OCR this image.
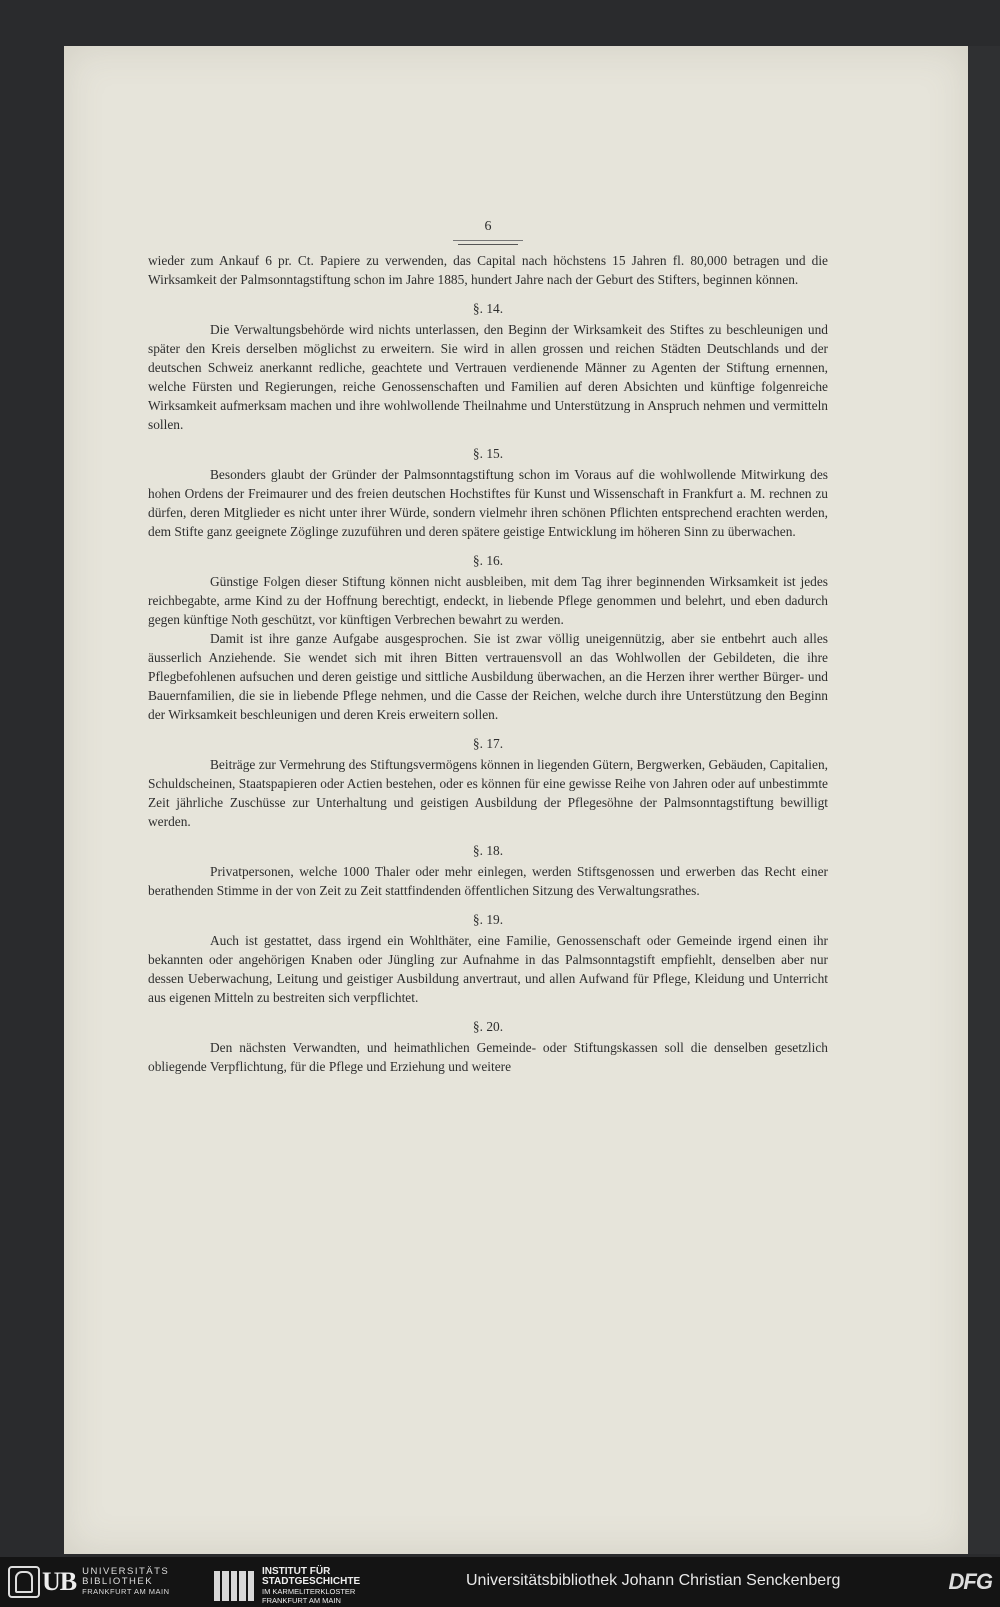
6

wieder zum Ankauf 6 pr. Ct. Papiere zu verwenden, das Capital nach höchstens 15 Jahren fl. 80,000 betragen und die Wirksamkeit der Palmsonntagstiftung schon im Jahre 1885, hundert Jahre nach der Geburt des Stifters, beginnen können.

§. 14.

Die Verwaltungsbehörde wird nichts unterlassen, den Beginn der Wirksamkeit des Stiftes zu beschleunigen und später den Kreis derselben möglichst zu erweitern. Sie wird in allen grossen und reichen Städten Deutschlands und der deutschen Schweiz anerkannt redliche, geachtete und Vertrauen verdienende Männer zu Agenten der Stiftung ernennen, welche Fürsten und Regierungen, reiche Genossenschaften und Familien auf deren Absichten und künftige folgenreiche Wirksamkeit aufmerksam machen und ihre wohlwollende Theilnahme und Unterstützung in Anspruch nehmen und vermitteln sollen.

§. 15.

Besonders glaubt der Gründer der Palmsonntagstiftung schon im Voraus auf die wohlwollende Mitwirkung des hohen Ordens der Freimaurer und des freien deutschen Hochstiftes für Kunst und Wissenschaft in Frankfurt a. M. rechnen zu dürfen, deren Mitglieder es nicht unter ihrer Würde, sondern vielmehr ihren schönen Pflichten entsprechend erachten werden, dem Stifte ganz geeignete Zöglinge zuzuführen und deren spätere geistige Entwicklung im höheren Sinn zu überwachen.

§. 16.

Günstige Folgen dieser Stiftung können nicht ausbleiben, mit dem Tag ihrer beginnenden Wirksamkeit ist jedes reichbegabte, arme Kind zu der Hoffnung berechtigt, endeckt, in liebende Pflege genommen und belehrt, und eben dadurch gegen künftige Noth geschützt, vor künftigen Verbrechen bewahrt zu werden.

Damit ist ihre ganze Aufgabe ausgesprochen. Sie ist zwar völlig uneigennützig, aber sie entbehrt auch alles äusserlich Anziehende. Sie wendet sich mit ihren Bitten vertrauensvoll an das Wohlwollen der Gebildeten, die ihre Pflegbefohlenen aufsuchen und deren geistige und sittliche Ausbildung überwachen, an die Herzen ihrer werther Bürger- und Bauernfamilien, die sie in liebende Pflege nehmen, und die Casse der Reichen, welche durch ihre Unterstützung den Beginn der Wirksamkeit beschleunigen und deren Kreis erweitern sollen.

§. 17.

Beiträge zur Vermehrung des Stiftungsvermögens können in liegenden Gütern, Bergwerken, Gebäuden, Capitalien, Schuldscheinen, Staatspapieren oder Actien bestehen, oder es können für eine gewisse Reihe von Jahren oder auf unbestimmte Zeit jährliche Zuschüsse zur Unterhaltung und geistigen Ausbildung der Pflegesöhne der Palmsonntagstiftung bewilligt werden.

§. 18.

Privatpersonen, welche 1000 Thaler oder mehr einlegen, werden Stiftsgenossen und erwerben das Recht einer berathenden Stimme in der von Zeit zu Zeit stattfindenden öffentlichen Sitzung des Verwaltungsrathes.

§. 19.

Auch ist gestattet, dass irgend ein Wohlthäter, eine Familie, Genossenschaft oder Gemeinde irgend einen ihr bekannten oder angehörigen Knaben oder Jüngling zur Aufnahme in das Palmsonntagstift empfiehlt, denselben aber nur dessen Ueberwachung, Leitung und geistiger Ausbildung anvertraut, und allen Aufwand für Pflege, Kleidung und Unterricht aus eigenen Mitteln zu bestreiten sich verpflichtet.

§. 20.

Den nächsten Verwandten, und heimathlichen Gemeinde- oder Stiftungskassen soll die denselben gesetzlich obliegende Verpflichtung, für die Pflege und Erziehung und weitere

UB UNIVERSITÄTS
BIBLIOTHEK
FRANKFURT AM MAIN
INSTITUT FÜR
STADTGESCHICHTE
IM KARMELITERKLOSTER
FRANKFURT AM MAIN
Universitätsbibliothek Johann Christian Senckenberg	DFG
